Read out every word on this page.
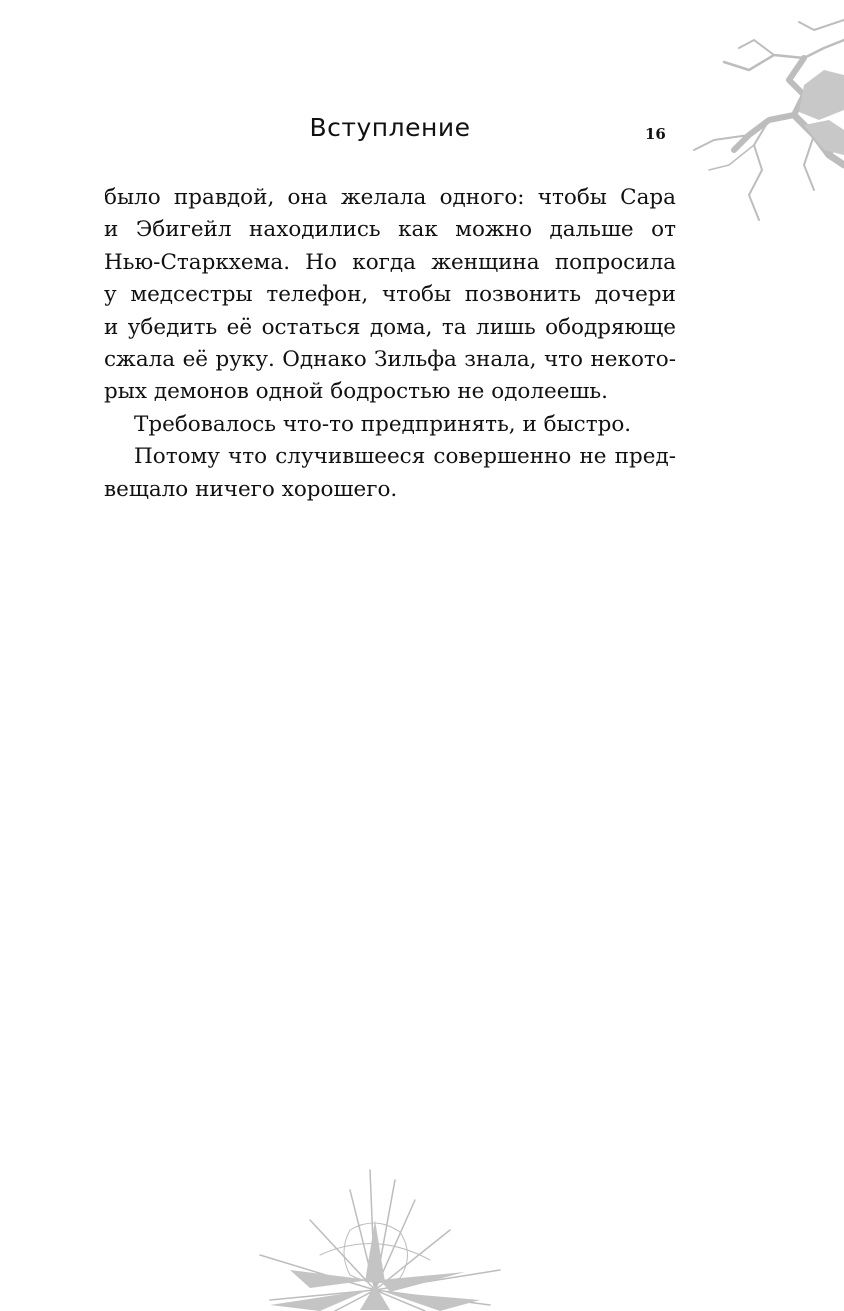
Вступление	16
было правдой, она желала одного: чтобы Сара
и Эбигейл находились как можно дальше от
Нью-Старкхема. Но когда женщина попросила
у медсестры телефон, чтобы позвонить дочери
и убедить её остаться дома, та лишь ободряюще
сжала её руку. Однако Зильфа знала, что некото-
рых демонов одной бодростью не одолеешь.
Требовалось что-то предпринять, и быстро.
Потому что случившееся совершенно не пред-
вещало ничего хорошего.
